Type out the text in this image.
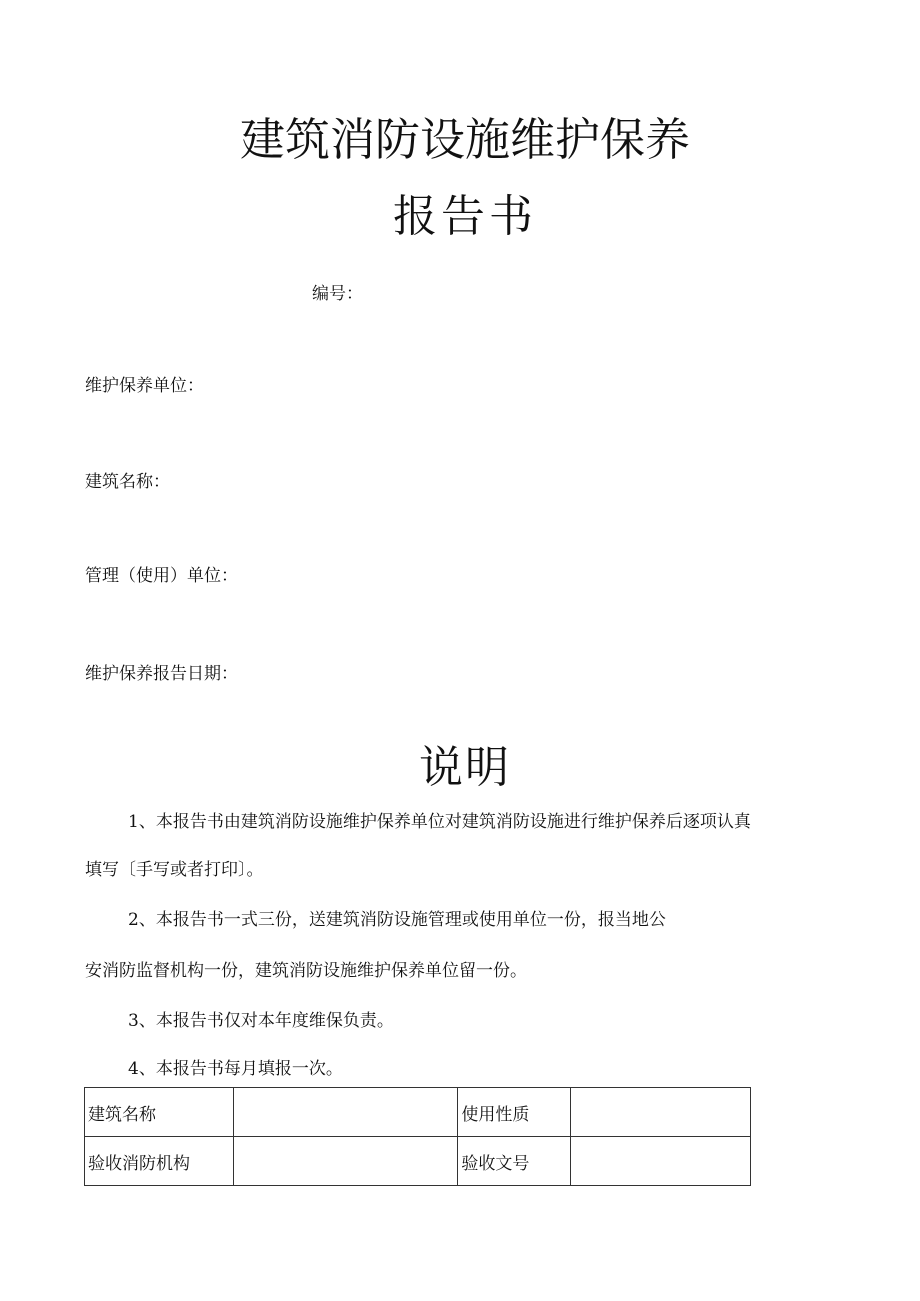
建筑消防设施维护保养
报告书
编号：
维护保养单位：
建筑名称：
管理（使用）单位：
维护保养报告日期：
说明
1、本报告书由建筑消防设施维护保养单位对建筑消防设施进行维护保养后逐项认真
填写〔手写或者打印〕。
2、本报告书一式三份，送建筑消防设施管理或使用单位一份，报当地公
安消防监督机构一份，建筑消防设施维护保养单位留一份。
3、本报告书仅对本年度维保负责。
4、本报告书每月填报一次。
建筑名称		使用性质	
验收消防机构		验收文号	
